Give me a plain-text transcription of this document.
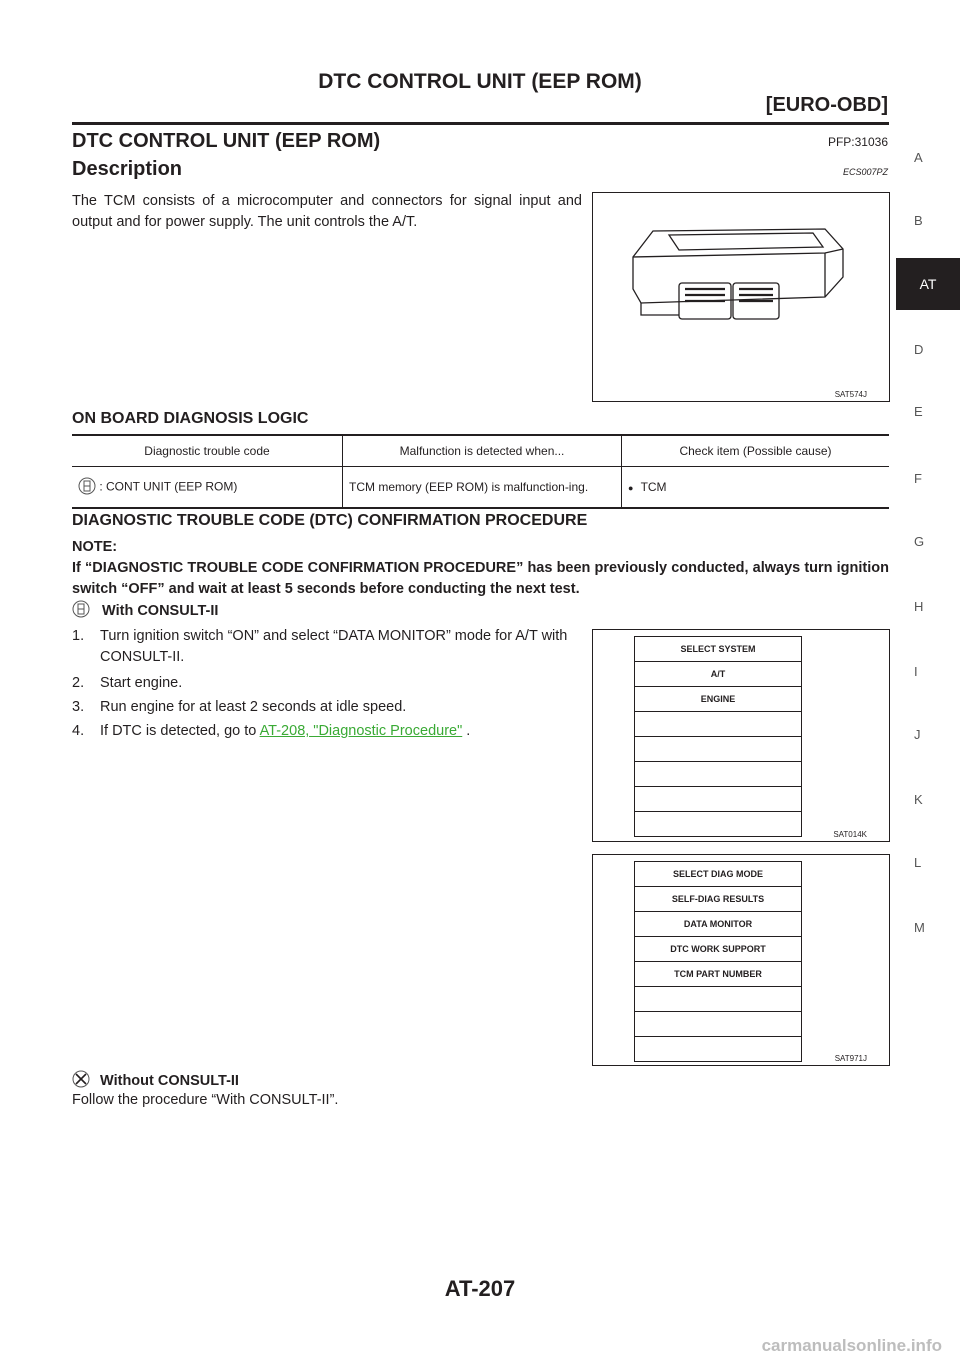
DTC CONTROL UNIT (EEP ROM)
[EURO-OBD]
DTC CONTROL UNIT (EEP ROM)	PFP:31036
Description	ECS007PZ
The TCM consists of a microcomputer and connectors for signal input and output and for power supply. The unit controls the A/T.
SAT574J
ON BOARD DIAGNOSIS LOGIC
Diagnostic trouble code	Malfunction is detected when...	Check item (Possible cause)
: CONT UNIT (EEP ROM)	TCM memory (EEP ROM) is malfunction-ing.	● TCM
DIAGNOSTIC TROUBLE CODE (DTC) CONFIRMATION PROCEDURE
NOTE:
If “DIAGNOSTIC TROUBLE CODE CONFIRMATION PROCEDURE” has been previously conducted, always turn ignition switch “OFF” and wait at least 5 seconds before conducting the next test.
With CONSULT-II
1.	Turn ignition switch “ON” and select “DATA MONITOR” mode for A/T with CONSULT-II.
2.	Start engine.
3.	Run engine for at least 2 seconds at idle speed.
4.	If DTC is detected, go to AT-208, "Diagnostic Procedure" .
SELECT SYSTEM
A/T
ENGINE
SAT014K
SELECT DIAG MODE
SELF-DIAG RESULTS
DATA MONITOR
DTC WORK SUPPORT
TCM PART NUMBER
SAT971J
Without CONSULT-II
Follow the procedure “With CONSULT-II”.
A
B
AT
D
E
F
G
H
I
J
K
L
M
AT-207
carmanualsonline.info
